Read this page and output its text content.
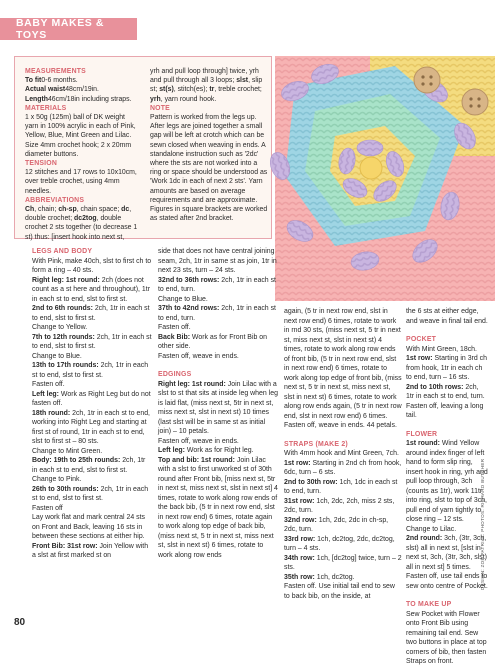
BABY MAKES & TOYS
MEASUREMENTS
To fit0-6 months.
Actual waist48cm/19in.
Length46cm/18in including straps.
MATERIALS
1 x 50g (125m) ball of DK weight yarn in 100% acrylic in each of Pink, Yellow, Blue, Mint Green and Lilac. Size 4mm crochet hook; 2 x 20mm diameter buttons.
TENSION
12 stitches and 17 rows to 10x10cm, over treble crochet, using 4mm needles.
ABBREVIATIONS
Ch, chain; ch-sp, chain space; dc, double crochet; dc2tog, double crochet 2 sts together (to decrease 1 st) thus: [insert hook into next st,
yrh and pull loop through] twice, yrh and pull through all 3 loops; slst, slip st; st(s), stitch(es); tr, treble crochet; yrh, yarn round hook.
NOTE
Pattern is worked from the legs up. After legs are joined together a small gap will be left at crotch which can be sewn closed when weaving in ends. A standalone instruction such as '2dc' where the sts are not worked into a ring or space should be understood as 'Work 1dc in each of next 2 sts'. Yarn amounts are based on average requirements and are approximate. Figures in square brackets are worked as stated after 2nd bracket.
LEGS AND BODY
With Pink, make 40ch, slst to first ch to form a ring – 40 sts.
Right leg: 1st round: 2ch (does not count as a st here and throughout), 1tr in each st to end, slst to first st.
2nd to 6th rounds: 2ch, 1tr in each st to end, slst to first st.
Change to Yellow.
7th to 12th rounds: 2ch, 1tr in each st to end, slst to first st.
Change to Blue.
13th to 17th rounds: 2ch, 1tr in each st to end, slst to first st.
Fasten off.
Left leg: Work as Right Leg but do not fasten off.
18th round: 2ch, 1tr in each st to end, working into Right Leg and starting at first st of round, 1tr in each st to end, slst to first st – 80 sts.
Change to Mint Green.
Body: 19th to 25th rounds: 2ch, 1tr in each st to end, slst to first st.
Change to Pink.
26th to 30th rounds: 2ch, 1tr in each st to end, slst to first st.
Fasten off
Lay work flat and mark central 24 sts on Front and Back, leaving 16 sts in between these sections at either hip.
Front Bib: 31st row: Join Yellow with a slst at first marked st on
side that does not have central joining seam, 2ch, 1tr in same st as join, 1tr in next 23 sts, turn – 24 sts.
32nd to 36th rows: 2ch, 1tr in each st to end, turn.
Change to Blue.
37th to 42nd rows: 2ch, 1tr in each st to end, turn.
Fasten off.
Back Bib: Work as for Front Bib on other side.
Fasten off, weave in ends.
EDGINGS
Right leg: 1st round: Join Lilac with a slst to st that sits at inside leg when leg is laid flat, (miss next st, 5tr in next st, miss next st, slst in next st) 10 times (last slst will be in same st as initial join) – 10 petals.
Fasten off, weave in ends.
Left leg: Work as for Right leg.
Top and bib: 1st round: Join Lilac with a slst to first unworked st of 30th round after Front bib, [miss next st, 5tr in next st, miss next st, slst in next st] 4 times, rotate to work along row ends of the back bib, (5 tr in next row end, slst in next row end) 6 times, rotate again to work along top edge of back bib, (miss next st, 5 tr in next st, miss next st, slst in next st) 6 times, rotate to work along row ends
again, (5 tr in next row end, slst in next row end) 6 times, rotate to work in rnd 30 sts, (miss next st, 5 tr in next st, miss next st, slst in next st) 4 times, rotate to work along row ends of front bib, (5 tr in next row end, slst in next row end) 6 times, rotate to work along top edge of front bib, (miss next st, 5 tr in next st, miss next st, slst in next st) 6 times, rotate to work along row ends again, (5 tr in next row end, slst in next row end) 6 times.
Fasten off, weave in ends. 44 petals.
STRAPS (MAKE 2)
With 4mm hook and Mint Green, 7ch.
1st row: Starting in 2nd ch from hook, 6dc, turn – 6 sts.
2nd to 30th row: 1ch, 1dc in each st to end, turn.
31st row: 1ch, 2dc, 2ch, miss 2 sts, 2dc, turn.
32nd row: 1ch, 2dc, 2dc in ch-sp, 2dc, turn.
33rd row: 1ch, dc2tog, 2dc, dc2tog, turn – 4 sts.
34th row: 1ch, [dc2tog] twice, turn – 2 sts.
35th row: 1ch, dc2tog.
Fasten off. Use initial tail end to sew to back bib, on the inside, at
the 6 sts at either edge, and weave in final tail end.
POCKET
With Mint Green, 18ch.
1st row: Starting in 3rd ch from hook, 1tr in each ch to end, turn – 16 sts.
2nd to 10th rows: 2ch, 1tr in each st to end, turn.
Fasten off, leaving a long tail.
FLOWER
1st round: Wind Yellow around index finger of left hand to form slip ring, insert hook in ring, yrh and pull loop through, 3ch (counts as 1tr), work 11tr into ring, slst to top of 3ch, pull end of yarn tightly to close ring – 12 sts.
Change to Lilac.
2nd round: 3ch, (3tr, 3ch, slst) all in next st, [slst in next st, 3ch, (3tr, 3ch, slst) all in next st] 5 times.
Fasten off, use tail ends to sew onto centre of Pocket.
TO MAKE UP
Sew Pocket with Flower onto Front Bib using remaining tail end. Sew two buttons in place at top corners of bib, then fasten Straps on front.
DESIGN: ZOË PATRIAL. PHOTOS: RICHARD BUTCHER
80
